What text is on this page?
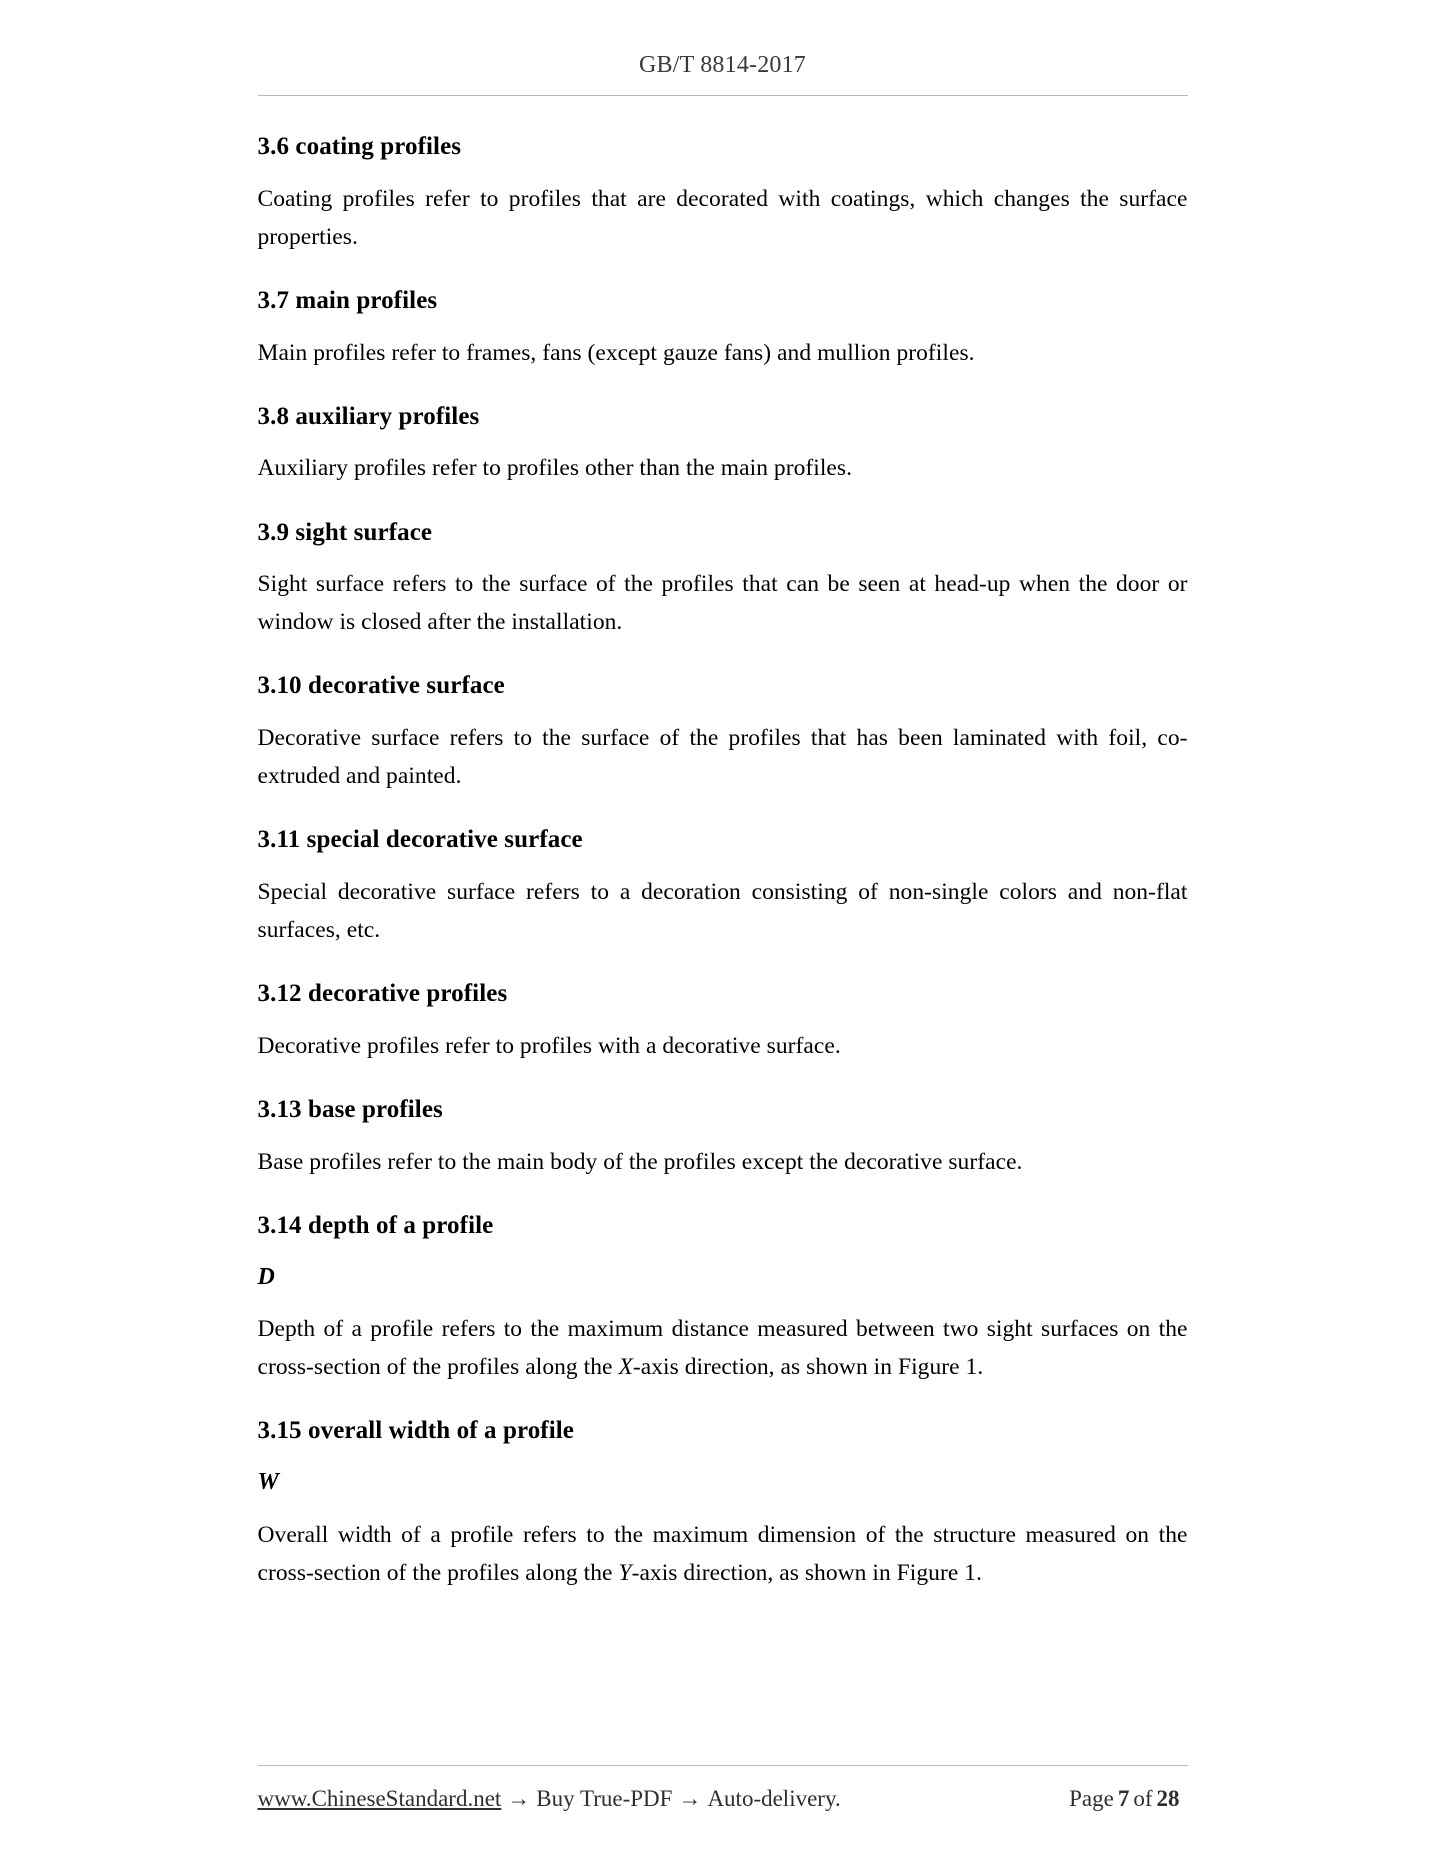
GB/T 8814-2017
3.6 coating profiles

Coating profiles refer to profiles that are decorated with coatings, which changes the surface properties.

3.7 main profiles

Main profiles refer to frames, fans (except gauze fans) and mullion profiles.

3.8 auxiliary profiles

Auxiliary profiles refer to profiles other than the main profiles.

3.9 sight surface

Sight surface refers to the surface of the profiles that can be seen at head-up when the door or window is closed after the installation.

3.10 decorative surface

Decorative surface refers to the surface of the profiles that has been laminated with foil, co-extruded and painted.

3.11 special decorative surface

Special decorative surface refers to a decoration consisting of non-single colors and non-flat surfaces, etc.

3.12 decorative profiles

Decorative profiles refer to profiles with a decorative surface.

3.13 base profiles

Base profiles refer to the main body of the profiles except the decorative surface.

3.14 depth of a profile

D

Depth of a profile refers to the maximum distance measured between two sight surfaces on the cross-section of the profiles along the X-axis direction, as shown in Figure 1.

3.15 overall width of a profile

W

Overall width of a profile refers to the maximum dimension of the structure measured on the cross-section of the profiles along the Y-axis direction, as shown in Figure 1.

www.ChineseStandard.net → Buy True-PDF → Auto-delivery.	Page 7 of 28
